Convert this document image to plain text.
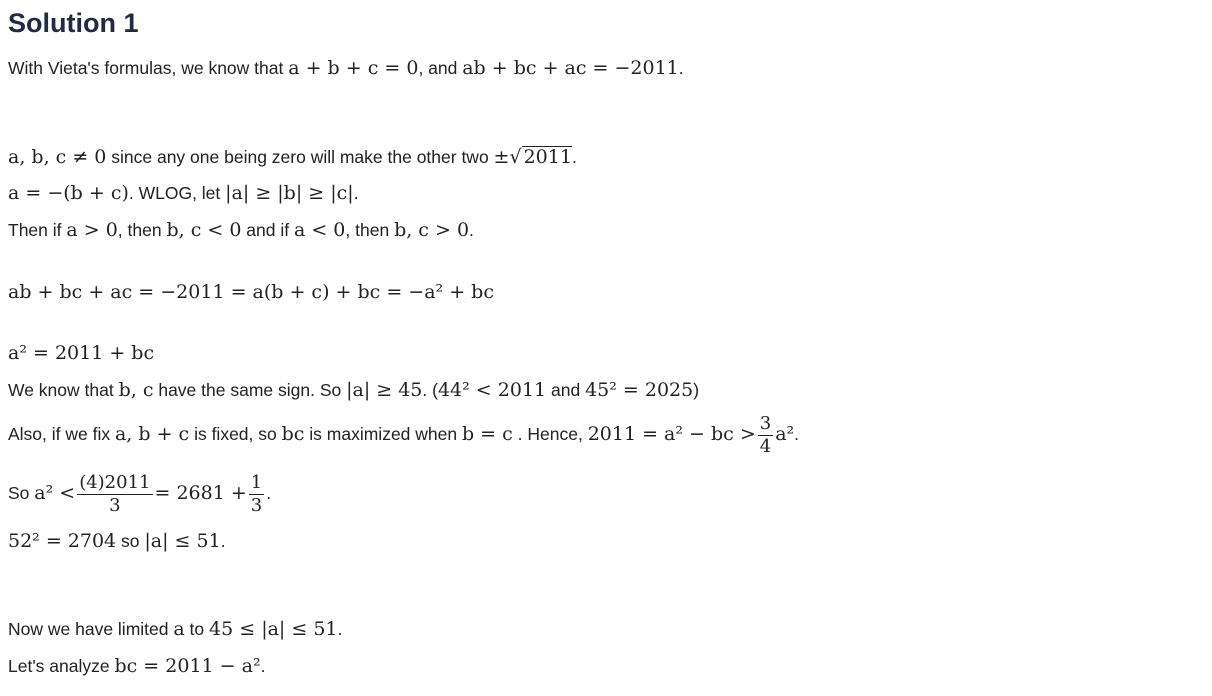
Solution 1
With Vieta's formulas, we know that a + b + c = 0, and ab + bc + ac = −2011.
a, b, c ≠ 0 since any one being zero will make the other two ±√ 2011.
a = −(b + c). WLOG, let |a| ≥ |b| ≥ |c|.
Then if a > 0, then b, c < 0 and if a < 0, then b, c > 0.
ab + bc + ac = −2011 = a(b + c) + bc = −a² + bc
a² = 2011 + bc
We know that b, c have the same sign. So |a| ≥ 45. (44² < 2011 and 45² = 2025)
Also, if we fix a, b + c is fixed, so bc is maximized when b = c . Hence, 2011 = a² − bc > $\frac{3}{4} a^2$.
So $a^2 < \frac{(4)2011}{3} = 2681 + \frac{1}{3}$ .
52² = 2704 so |a| ≤ 51.
Now we have limited a to 45 ≤ |a| ≤ 51.
Let's analyze bc = 2011 − a².
